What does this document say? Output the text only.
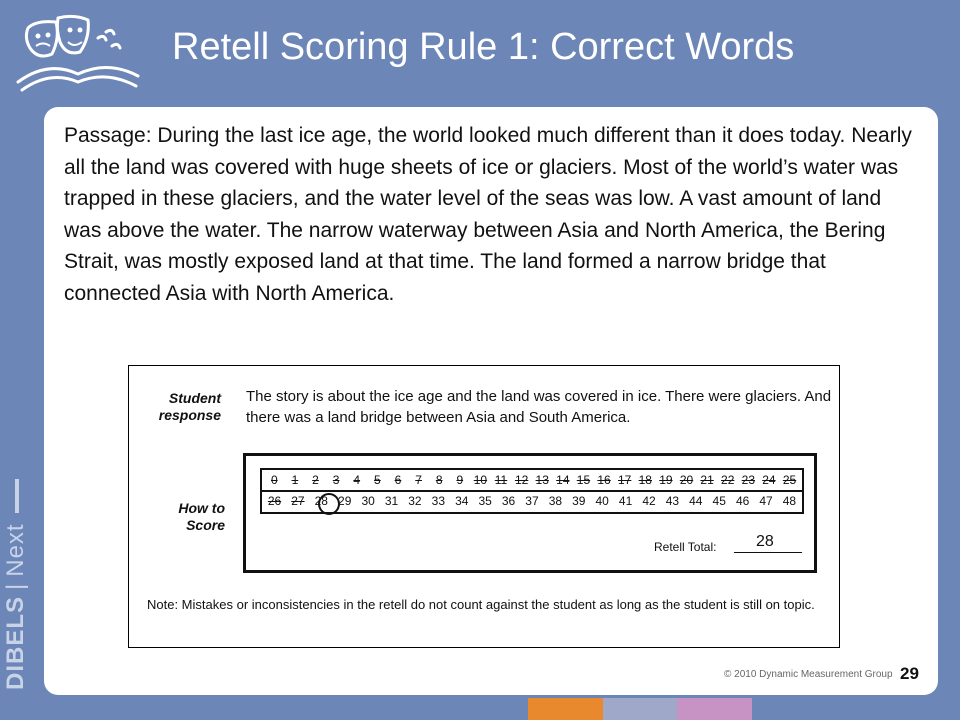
Retell Scoring Rule 1: Correct Words
DIBELS|Next

Passage: During the last ice age, the world looked much different than it does today. Nearly all the land was covered with huge sheets of ice or glaciers. Most of the world’s water was trapped in these glaciers, and the water level of the seas was low. A vast amount of land was above the water. The narrow waterway between Asia and North America, the Bering Strait, was mostly exposed land at that time. The land formed a narrow bridge that connected Asia with North America.

Student response
The story is about the ice age and the land was covered in ice. There were glaciers. And there was a land bridge between Asia and South America.
How to Score
0	1	2	3	4	5	6	7	8	9 10 11 12 13 14 15 16 17 18 19 20 21 22 23 24 25
26 27 28 29 30 31 32 33 34 35 36 37 38 39 40 41 42 43 44 45 46 47 48
Retell Total: 28
Note: Mistakes or inconsistencies in the retell do not count against the student as long as the student is still on topic.
© 2010 Dynamic Measurement Group 29
